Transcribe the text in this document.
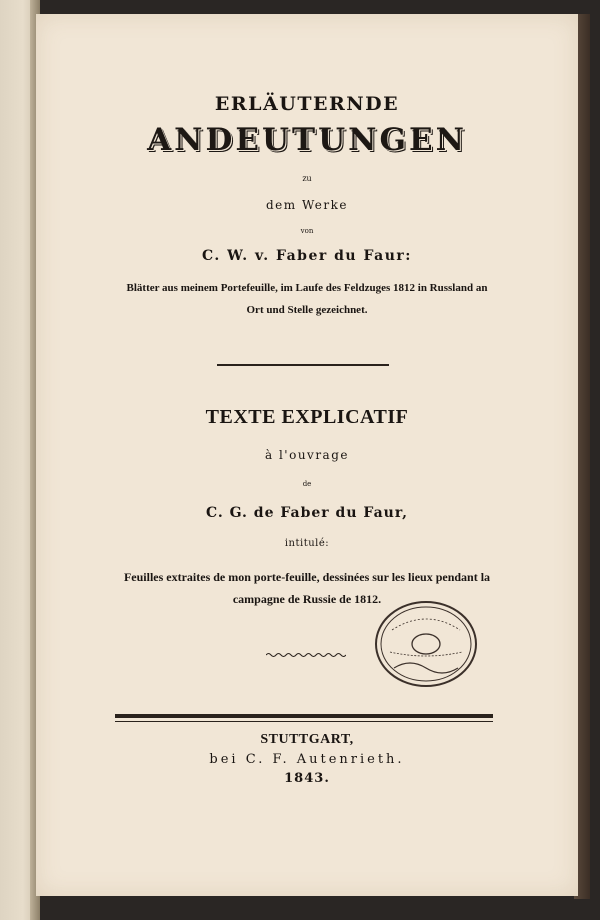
ERLÄUTERNDE
ANDEUTUNGEN
zu
dem Werke
von
C. W. v. Faber du Faur:
Blätter aus meinem Portefeuille, im Laufe des Feldzuges 1812 in Russland an
Ort und Stelle gezeichnet.
TEXTE EXPLICATIF
à l'ouvrage
de
C. G. de Faber du Faur,
intitulé:
Feuilles extraites de mon porte-feuille, dessinées sur les lieux pendant la
campagne de Russie de 1812.
STUTTGART,
bei C. F. Autenrieth.
1843.
